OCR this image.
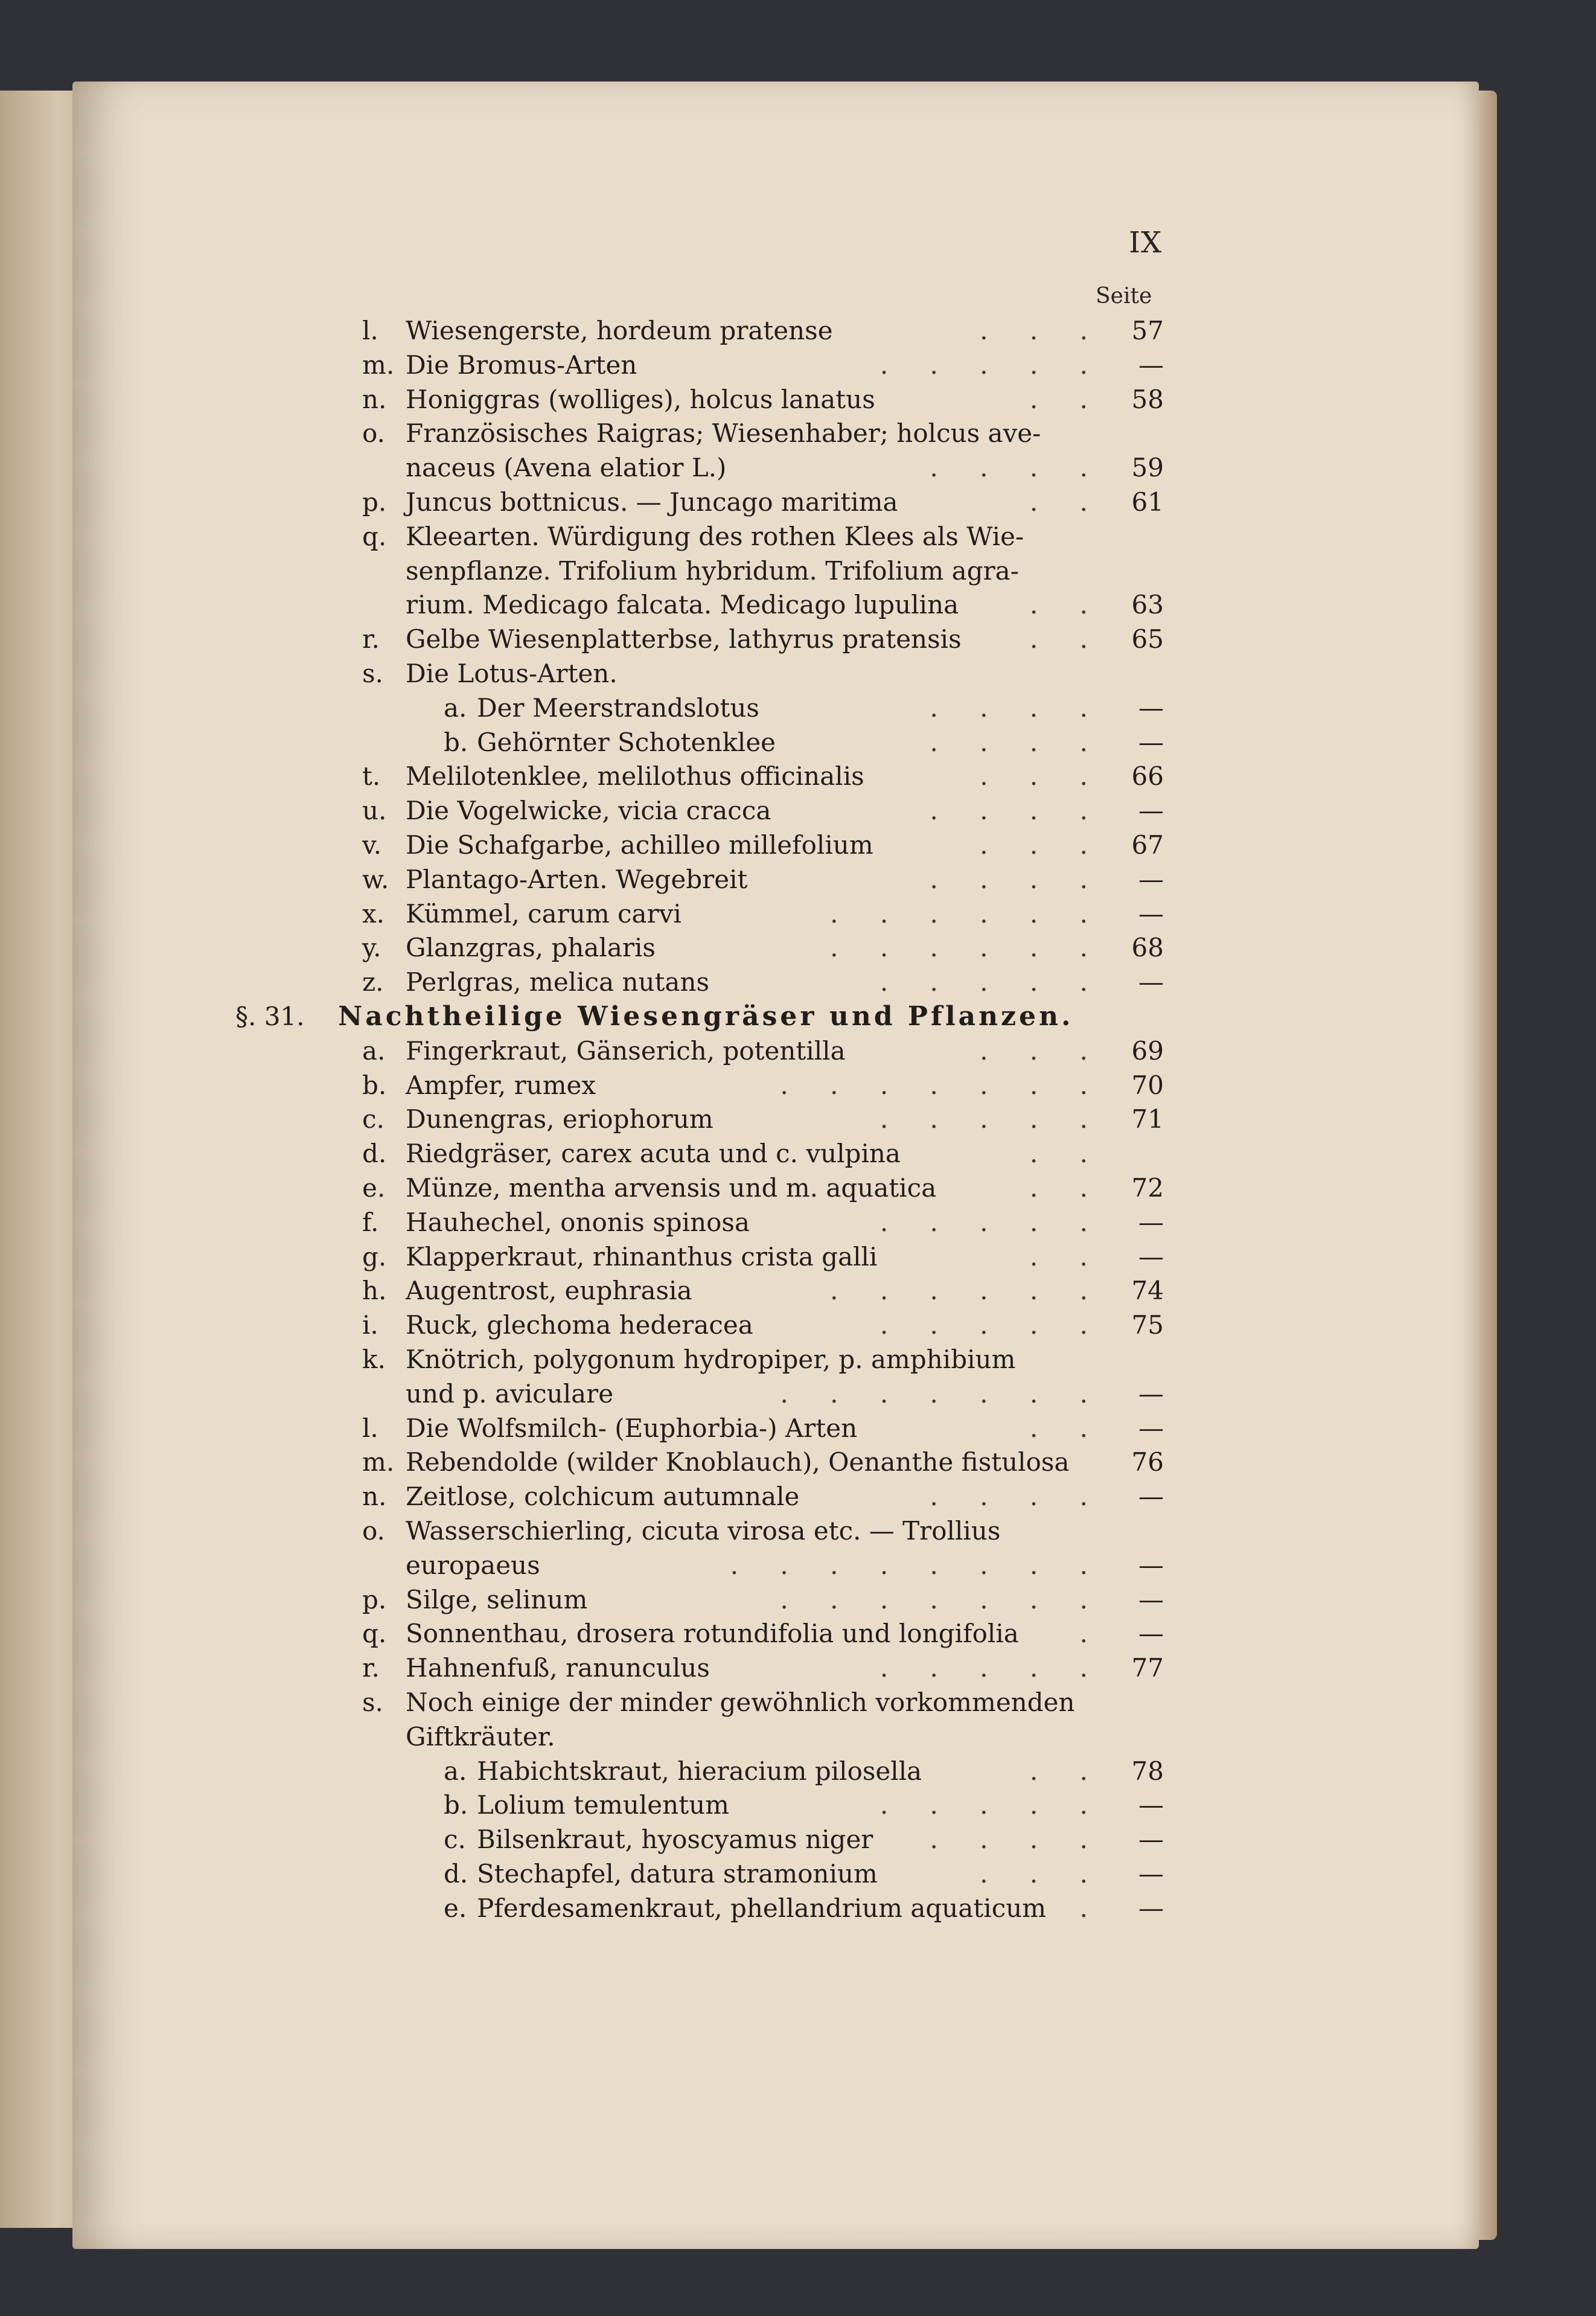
IX
Seite
l. Wiesengerste, hordeum pratense	. . .	57
m. Die Bromus-Arten	. . . . .	—
n. Honiggras (wolliges), holcus lanatus	. .	58
o. Französisches Raigras; Wiesenhaber; holcus ave-
naceus (Avena elatior L.)	. . . .	59
p. Juncus bottnicus. — Juncago maritima	. .	61
q. Kleearten. Würdigung des rothen Klees als Wie-
senpflanze. Trifolium hybridum. Trifolium agra-
rium. Medicago falcata. Medicago lupulina	. .	63
r. Gelbe Wiesenplatterbse, lathyrus pratensis	. .	65
s. Die Lotus-Arten.
a. Der Meerstrandslotus	. . . .	—
b. Gehörnter Schotenklee	. . . .	—
t. Melilotenklee, melilothus officinalis	. . .	66
u. Die Vogelwicke, vicia cracca	. . . .	—
v. Die Schafgarbe, achilleo millefolium	. . .	67
w. Plantago-Arten. Wegebreit	. . . .	—
x. Kümmel, carum carvi	. . . . . .	—
y. Glanzgras, phalaris	. . . . . .	68
z. Perlgras, melica nutans	. . . . .	—
§. 31. Nachtheilige Wiesengräser und Pflanzen.
a. Fingerkraut, Gänserich, potentilla	. . .	69
b. Ampfer, rumex	. . . . . . .	70
c. Dunengras, eriophorum	. . . . .	71
d. Riedgräser, carex acuta und c. vulpina	. .
e. Münze, mentha arvensis und m. aquatica	. .	72
f. Hauhechel, ononis spinosa	. . . . .	—
g. Klapperkraut, rhinanthus crista galli	. .	—
h. Augentrost, euphrasia	. . . . . .	74
i. Ruck, glechoma hederacea	. . . . .	75
k. Knötrich, polygonum hydropiper, p. amphibium
und p. aviculare	. . . . . . .	—
l. Die Wolfsmilch- (Euphorbia-) Arten	. .	—
m. Rebendolde (wilder Knoblauch), Oenanthe fistulosa	76
n. Zeitlose, colchicum autumnale	. . . .	—
o. Wasserschierling, cicuta virosa etc. — Trollius
europaeus	. . . . . . . .	—
p. Silge, selinum	. . . . . . .	—
q. Sonnenthau, drosera rotundifolia und longifolia .	—
r. Hahnenfuß, ranunculus	. . . . .	77
s. Noch einige der minder gewöhnlich vorkommenden
Giftkräuter.
a. Habichtskraut, hieracium pilosella	. .	78
b. Lolium temulentum	. . . . .	—
c. Bilsenkraut, hyoscyamus niger . . . .	—
d. Stechapfel, datura stramonium	. . .	—
e. Pferdesamenkraut, phellandrium aquaticum .	—
